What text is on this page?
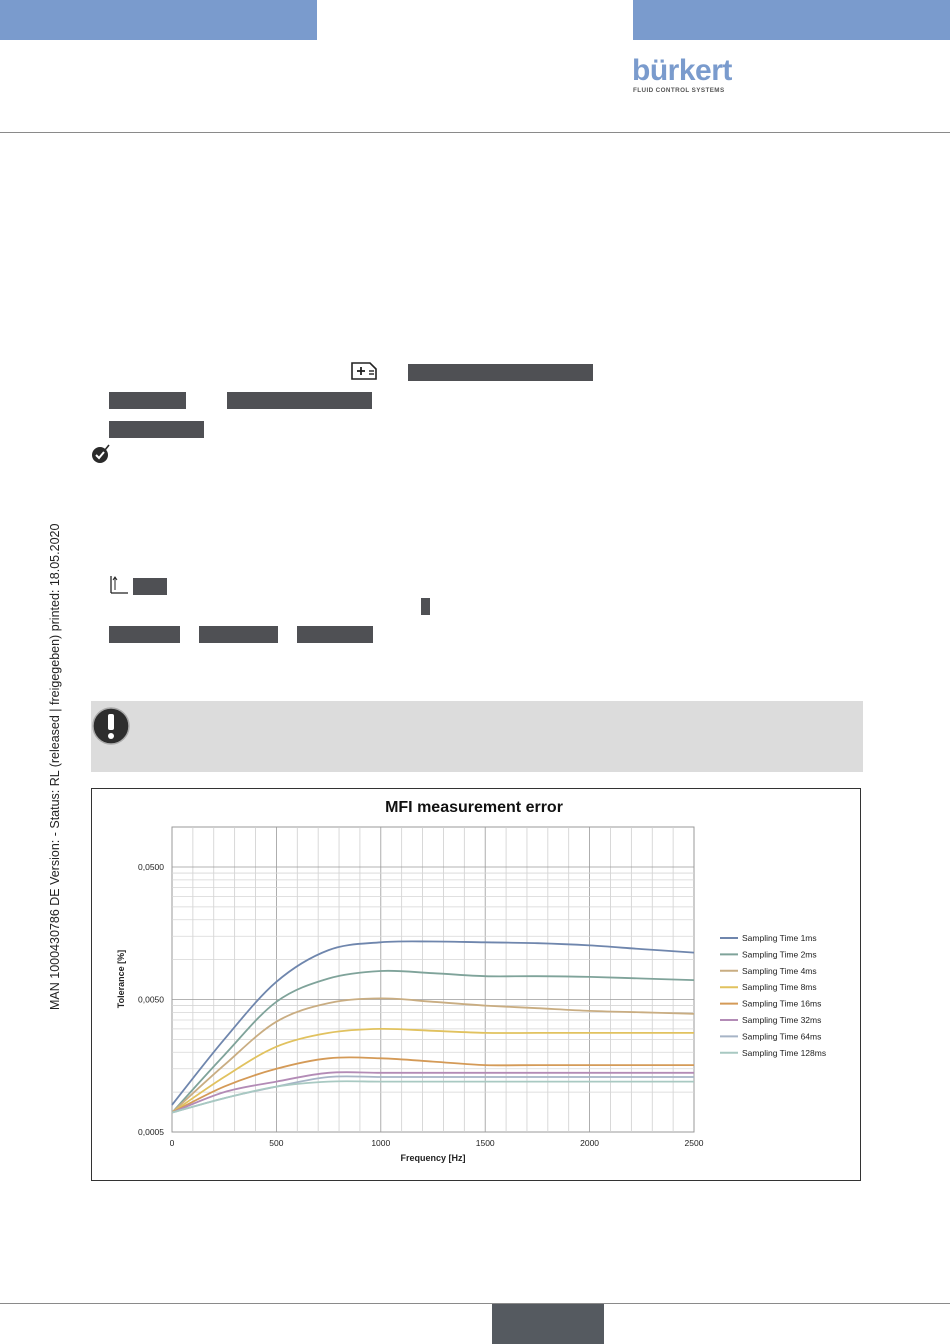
bürkert
FLUID CONTROL SYSTEMS
MAN 1000430786 DE Version: - Status: RL (released | freigegeben) printed: 18.05.2020	MFI measurement error
0	500	1000	1500	2000	2500
0,0005
0,0050
0,0500
Sampling Time 1ms
Sampling Time 2ms
Sampling Time 4ms
Sampling Time 8ms
Sampling Time 16ms
Sampling Time 32ms
Sampling Time 64ms
Sampling Time 128ms
Frequency [Hz]
Tolerance [%]
